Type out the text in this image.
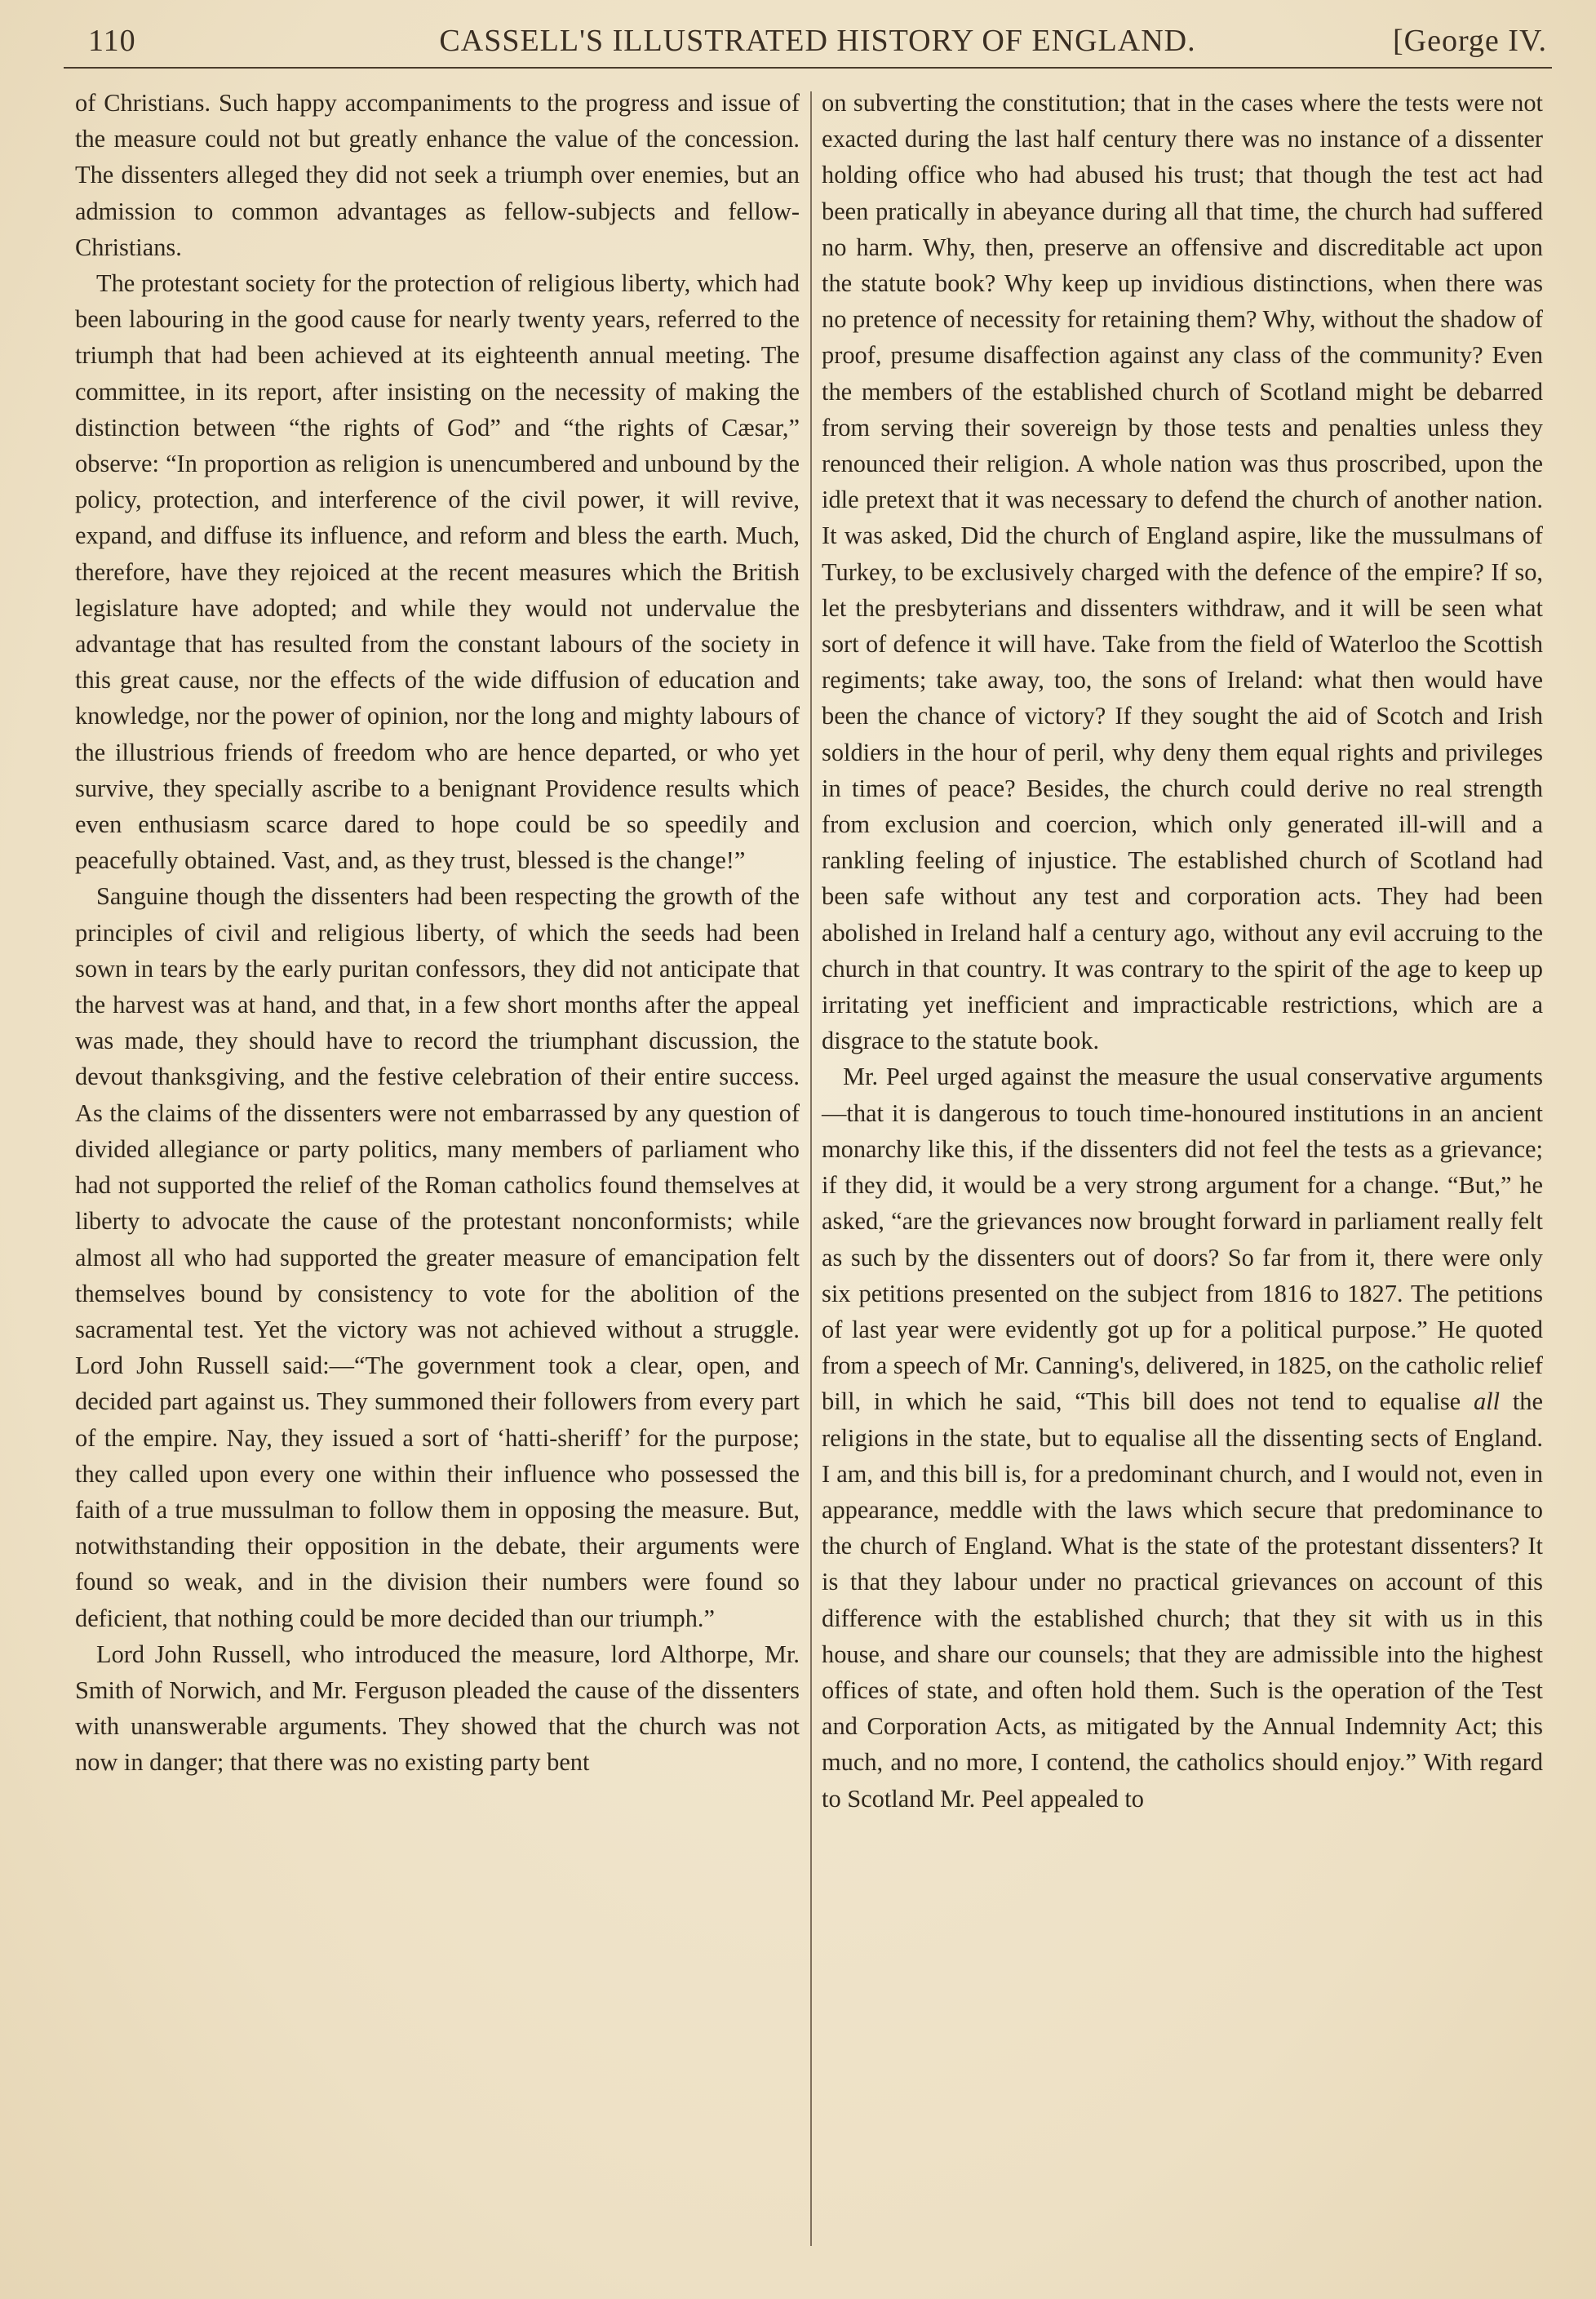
110	CASSELL'S ILLUSTRATED HISTORY OF ENGLAND.	[George IV.

of Christians. Such happy accompaniments to the progress and issue of the measure could not but greatly enhance the value of the concession. The dissenters alleged they did not seek a triumph over enemies, but an admission to common advantages as fellow-subjects and fellow-Christians.

The protestant society for the protection of religious liberty, which had been labouring in the good cause for nearly twenty years, referred to the triumph that had been achieved at its eighteenth annual meeting. The committee, in its report, after insisting on the necessity of making the distinction between “the rights of God” and “the rights of Cæsar,” observe: “In proportion as religion is unencumbered and unbound by the policy, protection, and interference of the civil power, it will revive, expand, and diffuse its influence, and reform and bless the earth. Much, therefore, have they rejoiced at the recent measures which the British legislature have adopted; and while they would not undervalue the advantage that has resulted from the constant labours of the society in this great cause, nor the effects of the wide diffusion of education and knowledge, nor the power of opinion, nor the long and mighty labours of the illustrious friends of freedom who are hence departed, or who yet survive, they specially ascribe to a benignant Providence results which even enthusiasm scarce dared to hope could be so speedily and peacefully obtained. Vast, and, as they trust, blessed is the change!”

Sanguine though the dissenters had been respecting the growth of the principles of civil and religious liberty, of which the seeds had been sown in tears by the early puritan confessors, they did not anticipate that the harvest was at hand, and that, in a few short months after the appeal was made, they should have to record the triumphant discussion, the devout thanksgiving, and the festive celebration of their entire success. As the claims of the dissenters were not embarrassed by any question of divided allegiance or party politics, many members of parliament who had not supported the relief of the Roman catholics found themselves at liberty to advocate the cause of the protestant nonconformists; while almost all who had supported the greater measure of emancipation felt themselves bound by consistency to vote for the abolition of the sacramental test. Yet the victory was not achieved without a struggle. Lord John Russell said:—“The government took a clear, open, and decided part against us. They summoned their followers from every part of the empire. Nay, they issued a sort of ‘hatti-sheriff’ for the purpose; they called upon every one within their influence who possessed the faith of a true mussulman to follow them in opposing the measure. But, notwithstanding their opposition in the debate, their arguments were found so weak, and in the division their numbers were found so deficient, that nothing could be more decided than our triumph.”

Lord John Russell, who introduced the measure, lord Althorpe, Mr. Smith of Norwich, and Mr. Ferguson pleaded the cause of the dissenters with unanswerable arguments. They showed that the church was not now in danger; that there was no existing party bent

on subverting the constitution; that in the cases where the tests were not exacted during the last half century there was no instance of a dissenter holding office who had abused his trust; that though the test act had been pratically in abeyance during all that time, the church had suffered no harm. Why, then, preserve an offensive and discreditable act upon the statute book? Why keep up invidious distinctions, when there was no pretence of necessity for retaining them? Why, without the shadow of proof, presume disaffection against any class of the community? Even the members of the established church of Scotland might be debarred from serving their sovereign by those tests and penalties unless they renounced their religion. A whole nation was thus proscribed, upon the idle pretext that it was necessary to defend the church of another nation. It was asked, Did the church of England aspire, like the mussulmans of Turkey, to be exclusively charged with the defence of the empire? If so, let the presbyterians and dissenters withdraw, and it will be seen what sort of defence it will have. Take from the field of Waterloo the Scottish regiments; take away, too, the sons of Ireland: what then would have been the chance of victory? If they sought the aid of Scotch and Irish soldiers in the hour of peril, why deny them equal rights and privileges in times of peace? Besides, the church could derive no real strength from exclusion and coercion, which only generated ill-will and a rankling feeling of injustice. The established church of Scotland had been safe without any test and corporation acts. They had been abolished in Ireland half a century ago, without any evil accruing to the church in that country. It was contrary to the spirit of the age to keep up irritating yet inefficient and impracticable restrictions, which are a disgrace to the statute book.

Mr. Peel urged against the measure the usual conservative arguments—that it is dangerous to touch time-honoured institutions in an ancient monarchy like this, if the dissenters did not feel the tests as a grievance; if they did, it would be a very strong argument for a change. “But,” he asked, “are the grievances now brought forward in parliament really felt as such by the dissenters out of doors? So far from it, there were only six petitions presented on the subject from 1816 to 1827. The petitions of last year were evidently got up for a political purpose.” He quoted from a speech of Mr. Canning's, delivered, in 1825, on the catholic relief bill, in which he said, “This bill does not tend to equalise all the religions in the state, but to equalise all the dissenting sects of England. I am, and this bill is, for a predominant church, and I would not, even in appearance, meddle with the laws which secure that predominance to the church of England. What is the state of the protestant dissenters? It is that they labour under no practical grievances on account of this difference with the established church; that they sit with us in this house, and share our counsels; that they are admissible into the highest offices of state, and often hold them. Such is the operation of the Test and Corporation Acts, as mitigated by the Annual Indemnity Act; this much, and no more, I contend, the catholics should enjoy.” With regard to Scotland Mr. Peel appealed to
